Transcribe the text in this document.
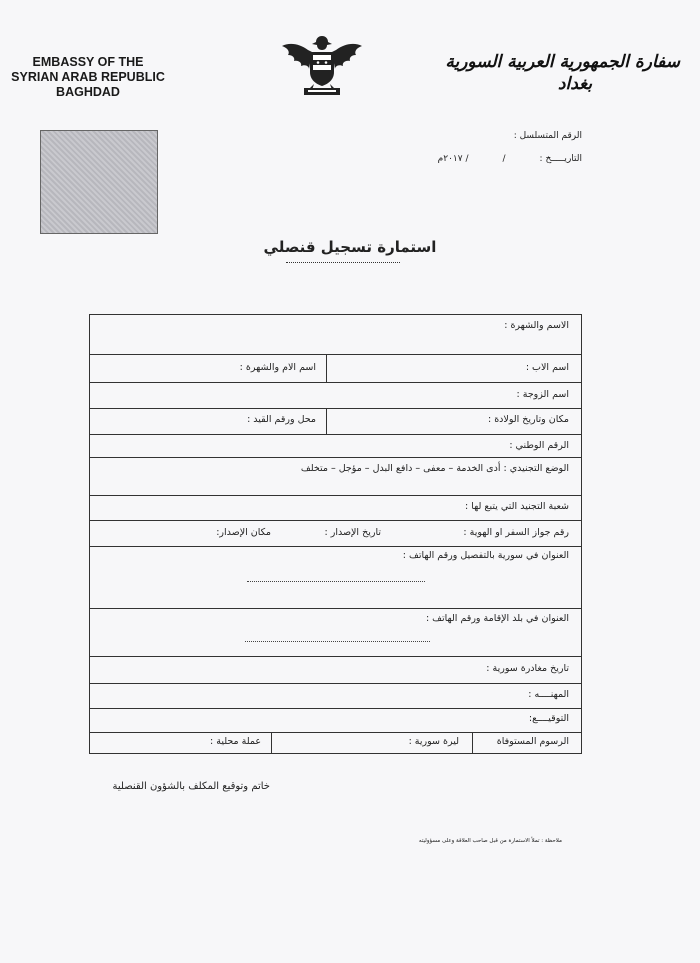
EMBASSY OF THE
SYRIAN ARAB REPUBLIC
BAGHDAD
سفارة الجمهورية العربية السورية
بغداد
الرقم المتسلسل :
التاريـــــخ :// ٢٠١٧م
استمارة تسجيل قنصلي
الاسم والشهرة :
اسم الاب :
اسم الام والشهرة :
اسم الزوجة :
مكان وتاريخ الولادة :
محل ورقم القيد :
الرقم الوطني :
الوضع التجنيدي : أدى الخدمة – معفى – دافع البدل – مؤجل – متخلف
شعبة التجنيد التي يتبع لها :
رقم جواز السفر او الهوية :
تاريخ الإصدار :
مكان الإصدار:
العنوان في سورية بالتفصيل ورقم الهاتف :
العنوان في بلد الإقامة ورقم الهاتف :
تاريخ مغادرة سورية :
المهنــــه :
التوقيــــع:
الرسوم المستوفاة
ليرة سورية :
عملة محلية :
خاتم وتوقيع المكلف بالشؤون القنصلية
ملاحظة : تملأ الاستمارة من قبل صاحب العلاقة وعلى مسؤوليته
